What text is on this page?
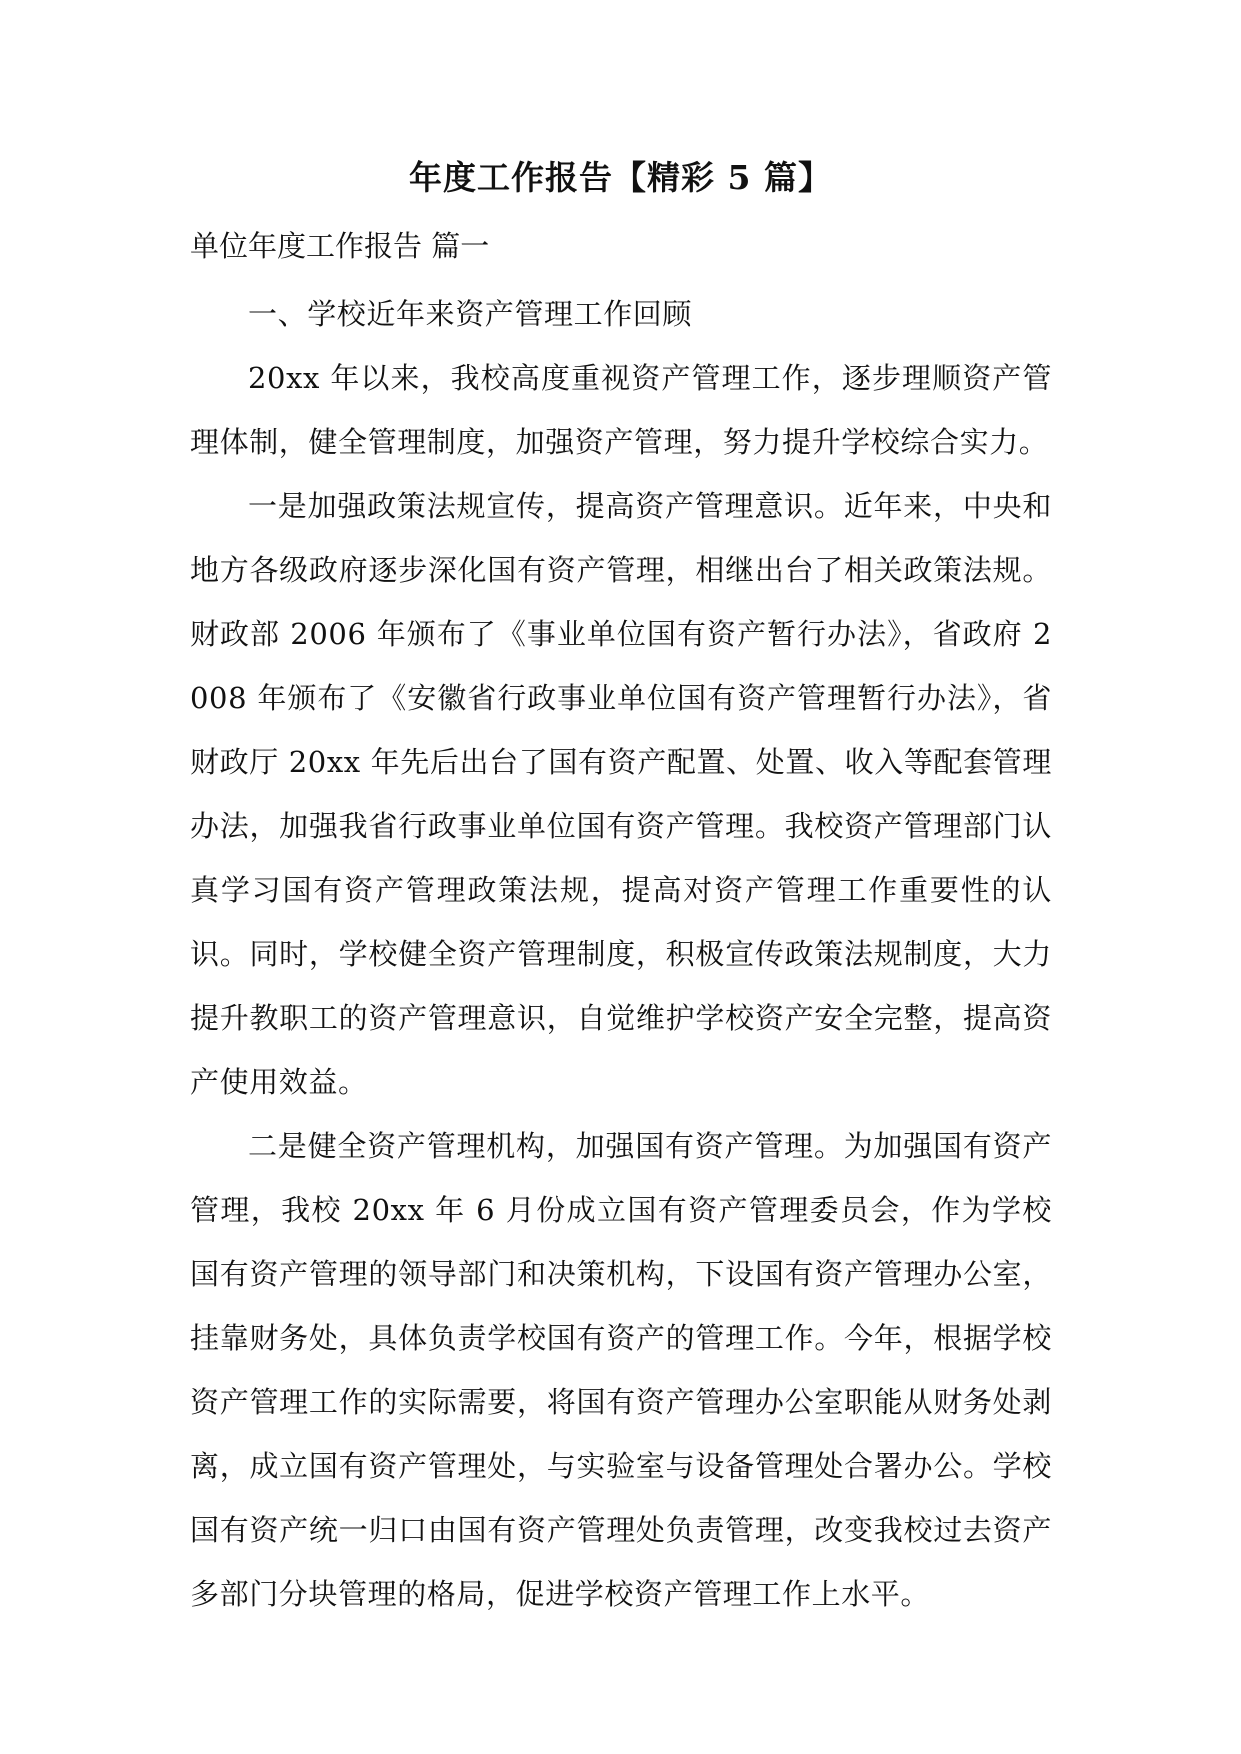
年度工作报告【精彩 5 篇】
单位年度工作报告 篇一

一、学校近年来资产管理工作回顾

20xx 年以来，我校高度重视资产管理工作，逐步理顺资产管理体制，健全管理制度，加强资产管理，努力提升学校综合实力。

一是加强政策法规宣传，提高资产管理意识。近年来，中央和地方各级政府逐步深化国有资产管理，相继出台了相关政策法规。财政部 2006 年颁布了《事业单位国有资产暂行办法》，省政府 2008 年颁布了《安徽省行政事业单位国有资产管理暂行办法》，省财政厅 20xx 年先后出台了国有资产配置、处置、收入等配套管理办法，加强我省行政事业单位国有资产管理。我校资产管理部门认真学习国有资产管理政策法规，提高对资产管理工作重要性的认识。同时，学校健全资产管理制度，积极宣传政策法规制度，大力提升教职工的资产管理意识，自觉维护学校资产安全完整，提高资产使用效益。

二是健全资产管理机构，加强国有资产管理。为加强国有资产管理，我校 20xx 年 6 月份成立国有资产管理委员会，作为学校国有资产管理的领导部门和决策机构，下设国有资产管理办公室，挂靠财务处，具体负责学校国有资产的管理工作。今年，根据学校资产管理工作的实际需要，将国有资产管理办公室职能从财务处剥离，成立国有资产管理处，与实验室与设备管理处合署办公。学校国有资产统一归口由国有资产管理处负责管理，改变我校过去资产多部门分块管理的格局，促进学校资产管理工作上水平。
